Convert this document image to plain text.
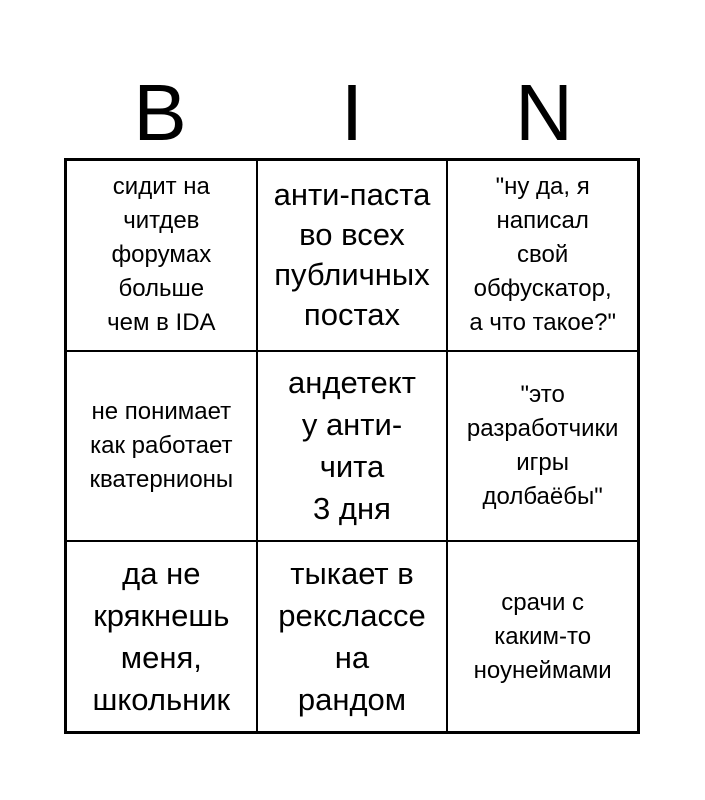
B	I	N
сидит на
читдев
форумах
больше
чем в IDA
анти-паста
во всех
публичных
постах
"ну да, я
написал
свой
обфускатор,
а что такое?"
не понимает
как работает
кватернионы
андетект
у анти-
чита
3 дня
"это
разработчики
игры
долбаёбы"
да не
крякнешь
меня,
школьник
тыкает в
рекслассе
на
рандом
срачи с
каким-то
ноунеймами
